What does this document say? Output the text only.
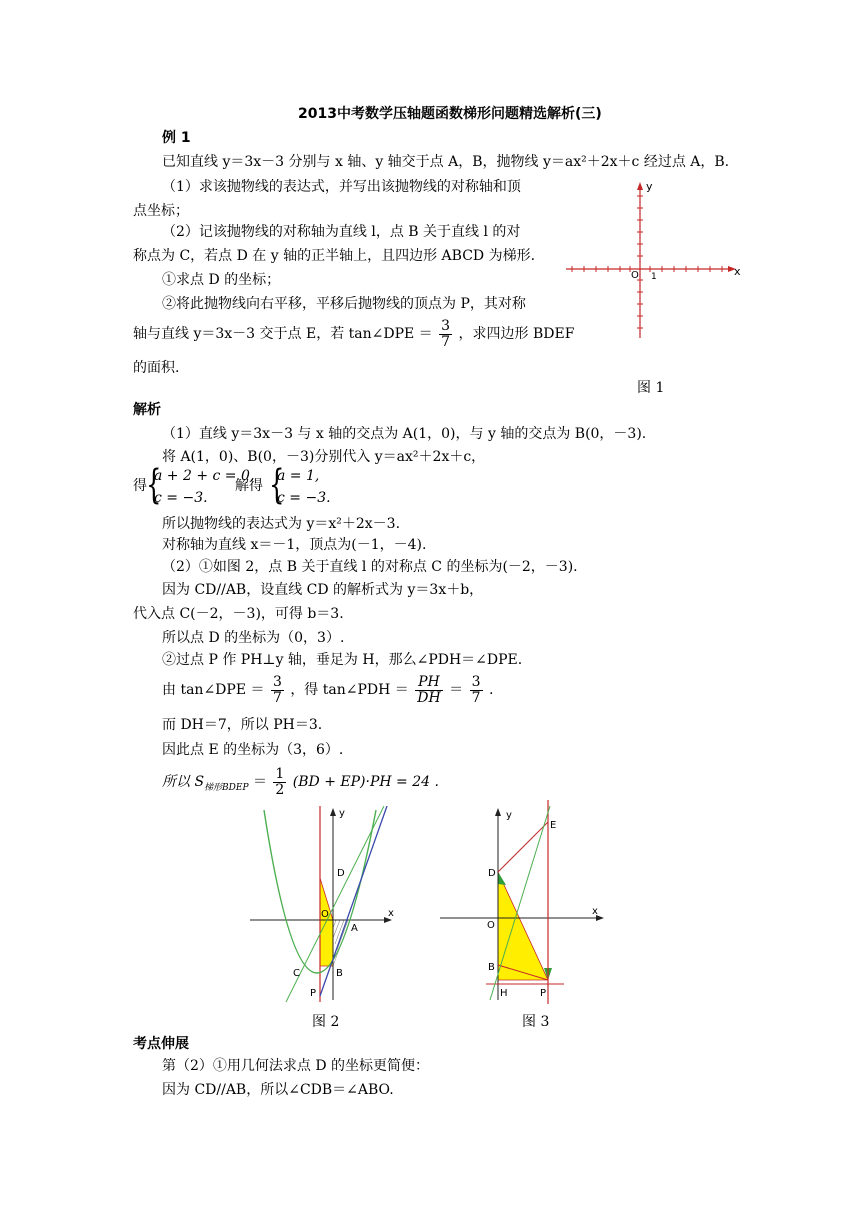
2013中考数学压轴题函数梯形问题精选解析(三)
例 1
已知直线 y＝3x－3 分别与 x 轴、y 轴交于点 A，B，抛物线 y＝ax²＋2x＋c 经过点 A，B.
（1）求该抛物线的表达式，并写出该抛物线的对称轴和顶
点坐标；
（2）记该抛物线的对称轴为直线 l，点 B 关于直线 l 的对
称点为 C，若点 D 在 y 轴的正半轴上，且四边形 ABCD 为梯形.
①求点 D 的坐标；
②将此抛物线向右平移，平移后抛物线的顶点为 P，其对称
轴与直线 y＝3x－3 交于点 E，若 tan∠DPE ＝ $\frac{3}{7}$ ，求四边形 BDEF
的面积.
y
x
O 1
图 1
解析
（1）直线 y＝3x－3 与 x 轴的交点为 A(1，0)，与 y 轴的交点为 B(0，－3).
将 A(1，0)、B(0，－3)分别代入 y＝ax²＋2x＋c，
得 {
a + 2 + c = 0,
c = −3.
解得 {
a = 1,
c = −3.
所以抛物线的表达式为 y＝x²＋2x－3.
对称轴为直线 x＝－1，顶点为(－1，－4).
（2）①如图 2，点 B 关于直线 l 的对称点 C 的坐标为(－2，－3).
因为 CD//AB，设直线 CD 的解析式为 y＝3x＋b，
代入点 C(－2，－3)，可得 b＝3.
所以点 D 的坐标为（0，3）.
②过点 P 作 PH⊥y 轴，垂足为 H，那么∠PDH＝∠DPE.
由 tan∠DPE ＝ $\frac{3}{7}$ ，得 tan∠PDH ＝ $\frac{PH}{DH} = \frac{3}{7}$ .
而 DH＝7，所以 PH＝3.
因此点 E 的坐标为（3，6）.
所以 $S_{梯形BDEP} = \frac{1}{2} (BD + EP)\cdot PH = 24$ .
y
x
D
O
A
C	B
P
图 2
y
E
x
D
O
B
H	P
图 3
考点伸展
第（2）①用几何法求点 D 的坐标更简便：
因为 CD//AB，所以∠CDB＝∠ABO.
